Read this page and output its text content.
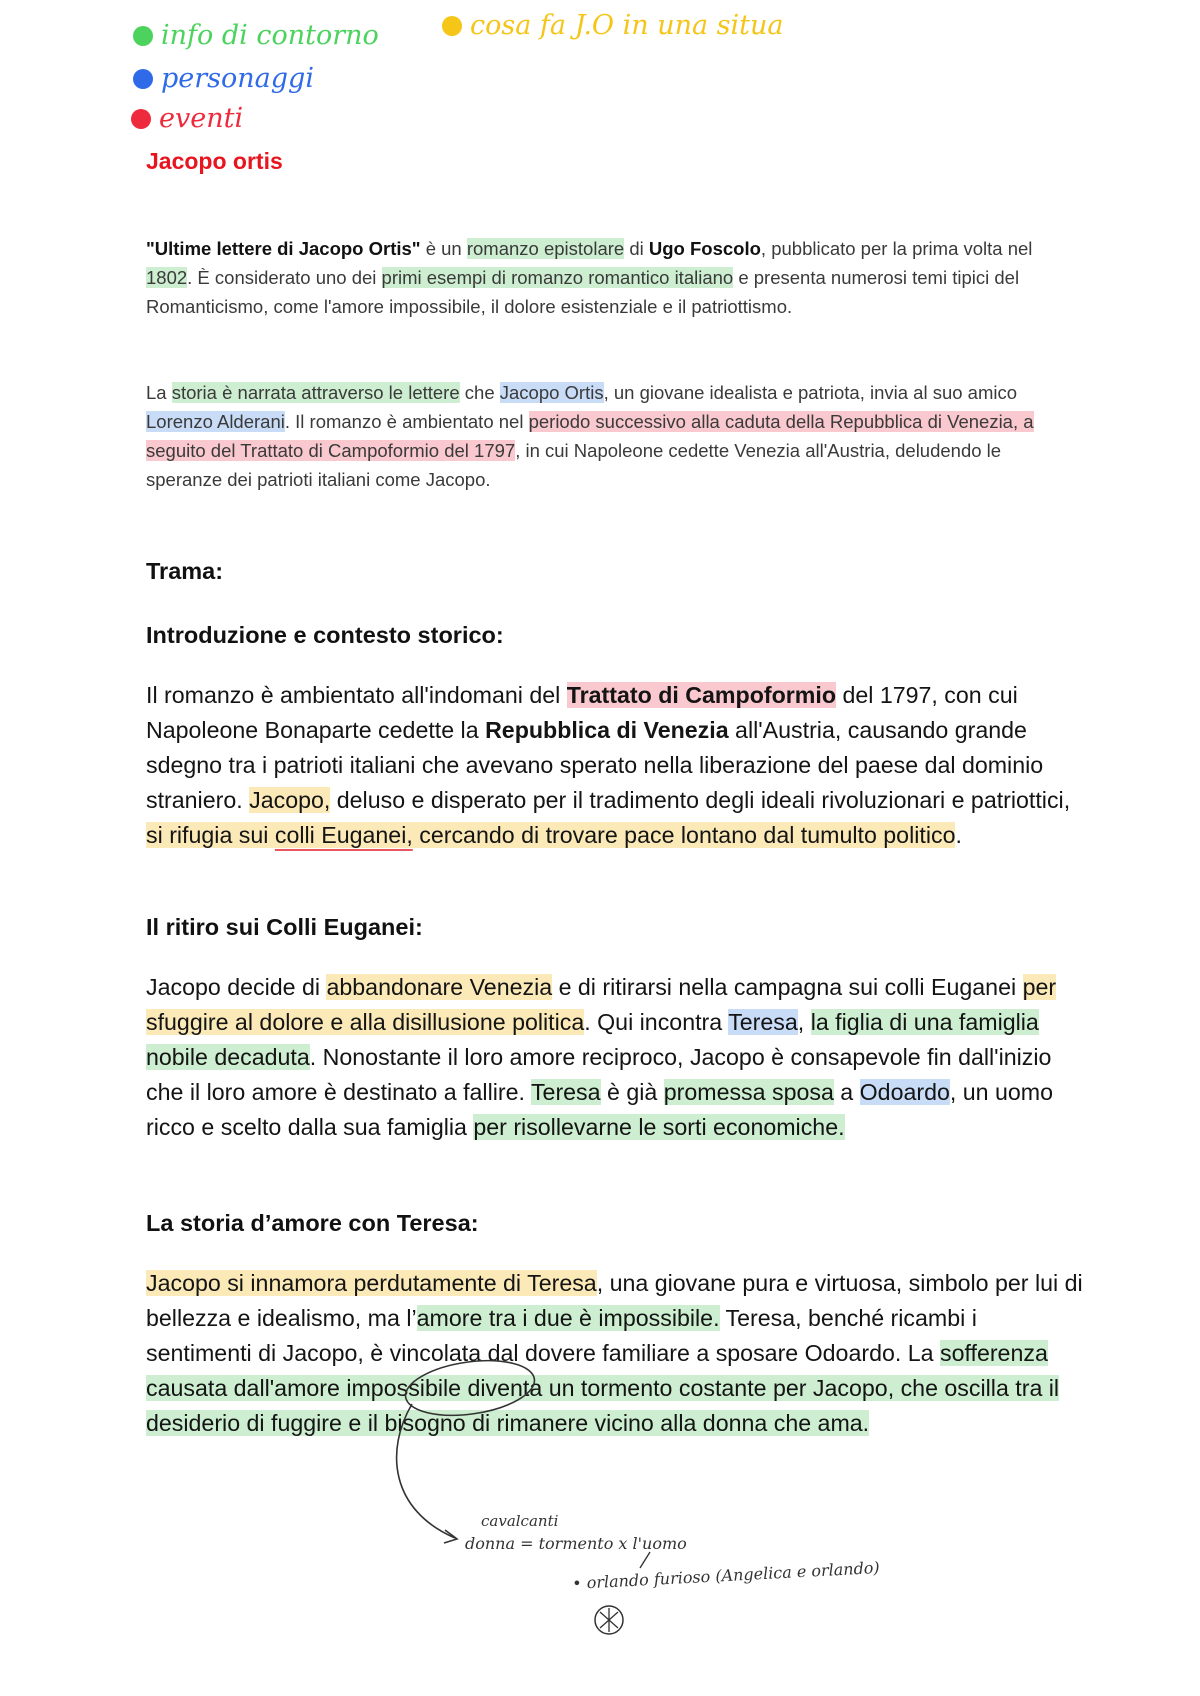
info di contorno
personaggi
eventi
cosa fa J.O in una situa
Jacopo ortis
"Ultime lettere di Jacopo Ortis" è un romanzo epistolare di Ugo Foscolo, pubblicato per la prima volta nel 1802. È considerato uno dei primi esempi di romanzo romantico italiano e presenta numerosi temi tipici del Romanticismo, come l'amore impossibile, il dolore esistenziale e il patriottismo.
La storia è narrata attraverso le lettere che Jacopo Ortis, un giovane idealista e patriota, invia al suo amico Lorenzo Alderani. Il romanzo è ambientato nel periodo successivo alla caduta della Repubblica di Venezia, a seguito del Trattato di Campoformio del 1797, in cui Napoleone cedette Venezia all'Austria, deludendo le speranze dei patrioti italiani come Jacopo.
Trama:
Introduzione e contesto storico:
Il romanzo è ambientato all'indomani del Trattato di Campoformio del 1797, con cui Napoleone Bonaparte cedette la Repubblica di Venezia all'Austria, causando grande sdegno tra i patrioti italiani che avevano sperato nella liberazione del paese dal dominio straniero. Jacopo, deluso e disperato per il tradimento degli ideali rivoluzionari e patriottici, si rifugia sui colli Euganei, cercando di trovare pace lontano dal tumulto politico.
Il ritiro sui Colli Euganei:
Jacopo decide di abbandonare Venezia e di ritirarsi nella campagna sui colli Euganei per sfuggire al dolore e alla disillusione politica. Qui incontra Teresa, la figlia di una famiglia nobile decaduta. Nonostante il loro amore reciproco, Jacopo è consapevole fin dall'inizio che il loro amore è destinato a fallire. Teresa è già promessa sposa a Odoardo, un uomo ricco e scelto dalla sua famiglia per risollevarne le sorti economiche.
La storia d’amore con Teresa:
Jacopo si innamora perdutamente di Teresa, una giovane pura e virtuosa, simbolo per lui di bellezza e idealismo, ma l’amore tra i due è impossibile. Teresa, benché ricambi i sentimenti di Jacopo, è vincolata dal dovere familiare a sposare Odoardo. La sofferenza causata dall'amore impossibile diventa un tormento costante per Jacopo, che oscilla tra il desiderio di fuggire e il bisogno di rimanere vicino alla donna che ama.
cavalcanti
donna = tormento x l'uomo
• orlando furioso (Angelica e orlando)
